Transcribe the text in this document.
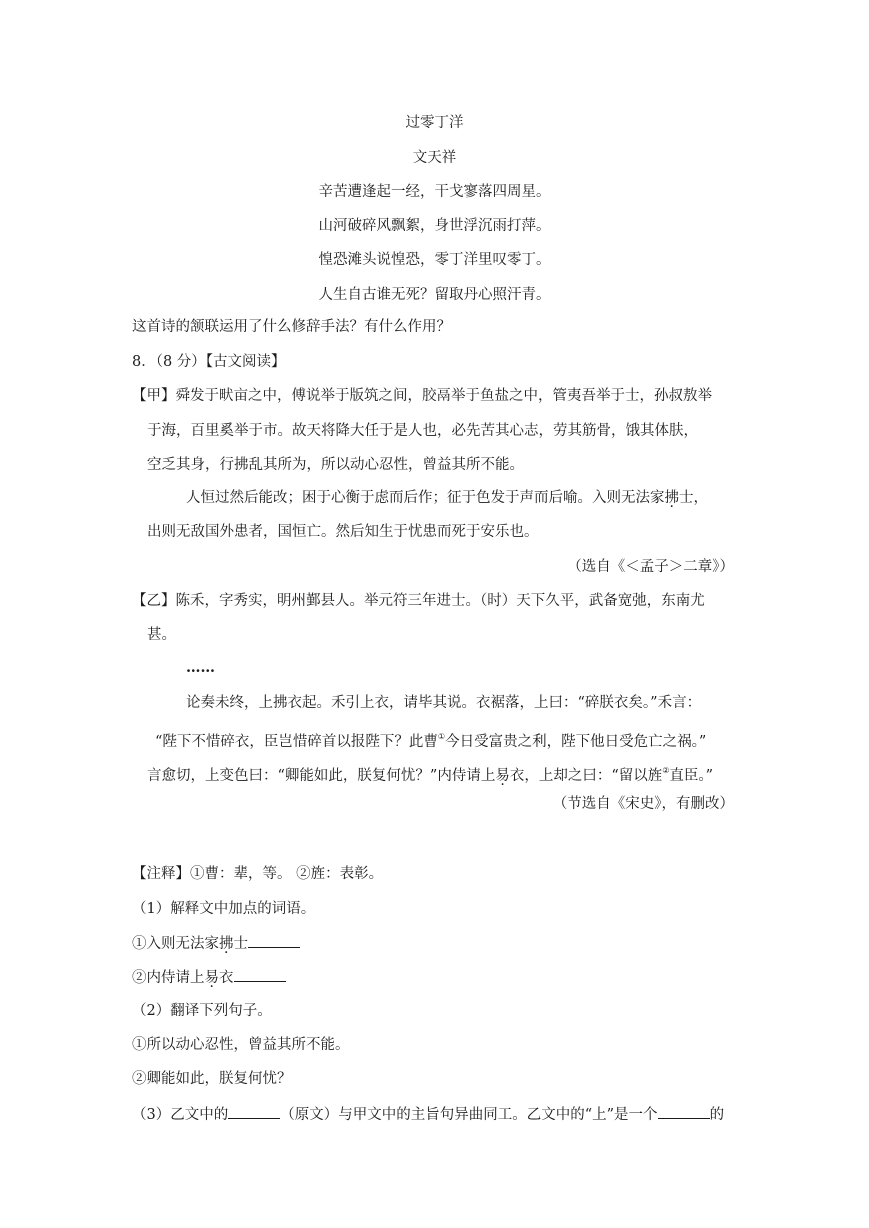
过零丁洋
文天祥
辛苦遭逢起一经，干戈寥落四周星。
山河破碎风飘絮，身世浮沉雨打萍。
惶恐滩头说惶恐，零丁洋里叹零丁。
人生自古谁无死？留取丹心照汗青。
这首诗的颔联运用了什么修辞手法？有什么作用？
8．（8 分）【古文阅读】
【甲】舜发于畎亩之中，傅说举于版筑之间，胶鬲举于鱼盐之中，管夷吾举于士，孙叔敖举
于海，百里奚举于市。故天将降大任于是人也，必先苦其心志，劳其筋骨，饿其体肤，
空乏其身，行拂乱其所为，所以动心忍性，曾益其所不能。
人恒过然后能改；困于心衡于虑而后作；征于色发于声而后喻。入则无法家拂士，
出则无敌国外患者，国恒亡。然后知生于忧患而死于安乐也。
（选自《＜孟子＞二章》）
【乙】陈禾，字秀实，明州鄞县人。举元符三年进士。（时）天下久平，武备宽弛，东南尤
甚。
……
论奏未终，上拂衣起。禾引上衣，请毕其说。衣裾落，上曰：“碎朕衣矣。”禾言：
“陛下不惜碎衣，臣岂惜碎首以报陛下？此曹①今日受富贵之利，陛下他日受危亡之祸。”
言愈切，上变色曰：“卿能如此，朕复何忧？”内侍请上易衣，上却之曰：“留以旌②直臣。”
（节选自《宋史》，有删改）
【注释】①曹：辈，等。 ②旌：表彰。
（1）解释文中加点的词语。
①入则无法家拂士
②内侍请上易衣
（2）翻译下列句子。
①所以动心忍性，曾益其所不能。
②卿能如此，朕复何忧？
（3）乙文中的	（原文）与甲文中的主旨句异曲同工。乙文中的“上”是一个	的
